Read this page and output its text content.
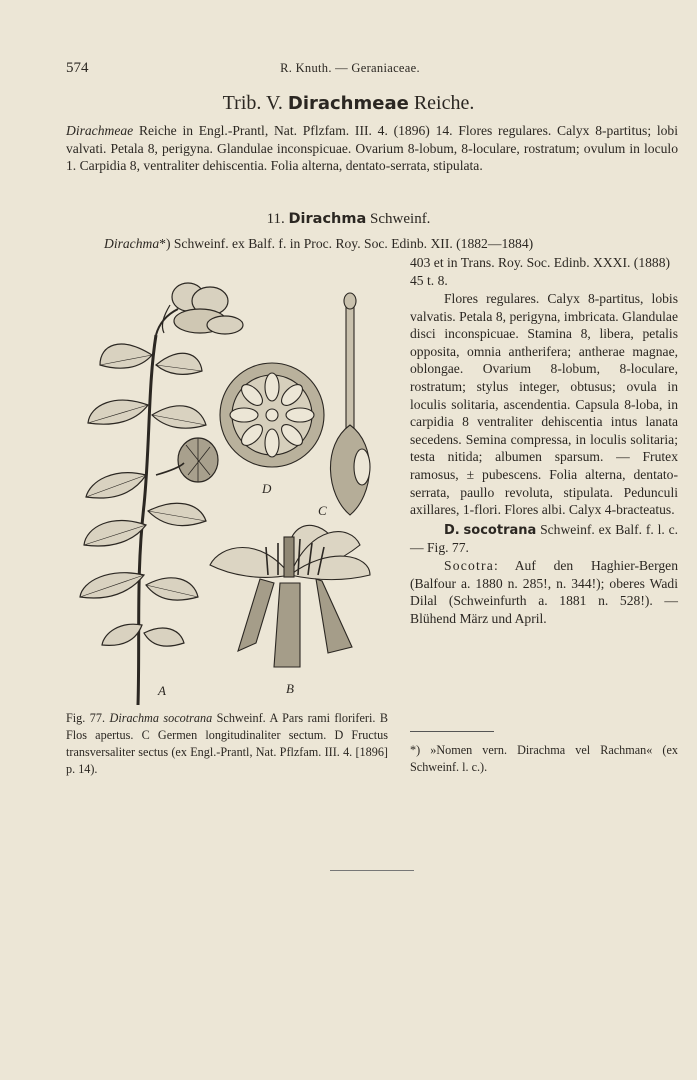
574	R. Knuth. — Geraniaceae.
Trib. V. Dirachmeae Reiche.
Dirachmeae Reiche in Engl.-Prantl, Nat. Pflzfam. III. 4. (1896) 14. Flores regulares. Calyx 8-partitus; lobi valvati. Petala 8, perigyna. Glandulae inconspicuae. Ovarium 8-lobum, 8-loculare, rostratum; ovulum in loculo 1. Carpidia 8, ventraliter dehiscentia. Folia alterna, dentato-serrata, stipulata.
11. Dirachma Schweinf.
Dirachma*) Schweinf. ex Balf. f. in Proc. Roy. Soc. Edinb. XII. (1882—1884)
403 et in Trans. Roy. Soc. Edinb. XXXI. (1888) 45 t. 8.

Flores regulares. Calyx 8-partitus, lobis valvatis. Petala 8, perigyna, imbricata. Glandulae disci inconspicuae. Stamina 8, libera, petalis opposita, omnia antherifera; antherae magnae, oblongae. Ovarium 8-lobum, 8-loculare, rostratum; stylus integer, obtusus; ovula in loculis solitaria, ascendentia. Capsula 8-loba, in carpidia 8 ventraliter dehiscentia intus lanata secedens. Semina compressa, in loculis solitaria; testa nitida; albumen sparsum. — Frutex ramosus, ± pubescens. Folia alterna, dentato-serrata, paullo revoluta, stipulata. Pedunculi axillares, 1-flori. Flores albi. Calyx 4-bracteatus.

D. socotrana Schweinf. ex Balf. f. l. c. — Fig. 77.

Socotra: Auf den Haghier-Bergen (Balfour a. 1880 n. 285!, n. 344!); oberes Wadi Dilal (Schweinfurth a. 1881 n. 528!). — Blühend März und April.

A	B
C
D
Fig. 77. Dirachma socotrana Schweinf. A Pars rami floriferi. B Flos apertus. C Germen longitudinaliter sectum. D Fructus transversaliter sectus (ex Engl.-Prantl, Nat. Pflzfam. III. 4. [1896] p. 14).
*) »Nomen vern. Dirachma vel Rachman« (ex Schweinf. l. c.).
